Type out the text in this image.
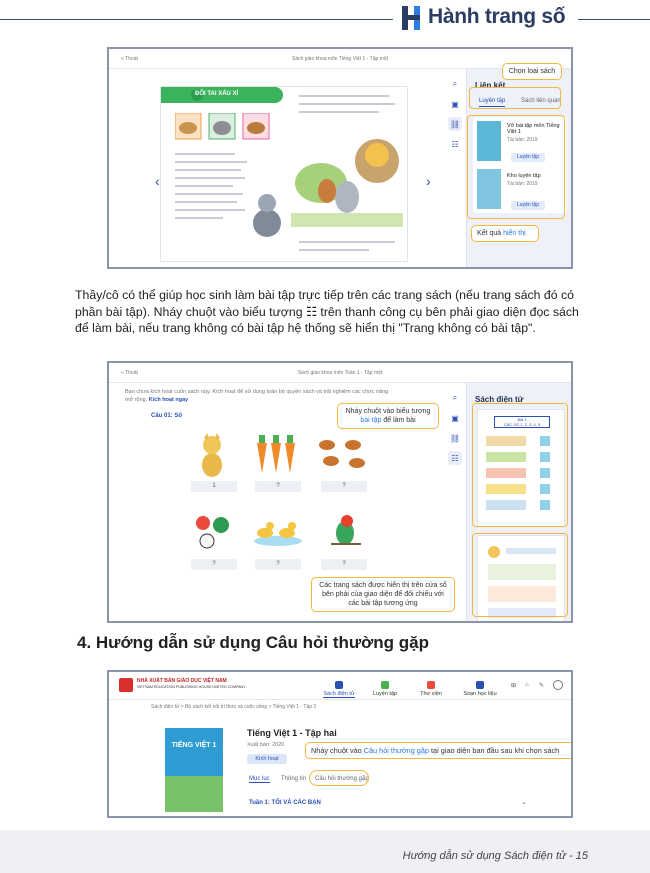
Hành trang số
« Thoát	Sách giáo khoa môn Tiếng Việt 1 - Tập một
‹	›
ĐÔI TAI XẤU XÍ
⌕
▣
⛓
☷
Liên kết
Luyện tập	Sách liên quan
Vở bài tập môn Tiếng Việt 1
Tái bản: 2019
Luyện tập
Kho luyện tập
Tái bản: 2019
Luyện tập
Chọn loại sách
Kết quả hiển thị
Thầy/cô có thể giúp học sinh làm bài tập trực tiếp trên các trang sách (nếu trang sách đó có phần bài tập). Nháy chuột vào biểu tượng ☷ trên thanh công cụ bên phải giao diện đọc sách để làm bài, nếu trang không có bài tập hệ thống sẽ hiển thị "Trang không có bài tập".
« Thoát	Sách giáo khoa môn Toán 1 - Tập một
Bạn chưa kích hoạt cuốn sách này. Kích hoạt để sử dụng toàn bộ quyền sách và trải nghiệm các chức năng mở rộng. Kích hoạt ngay
Câu 01: Số
1	?	?
?	?	?
⌕
▣
⛓
☷
Sách điện tử
Bài 1
CÁC SỐ 1, 2, 3, 4, 5
Nháy chuột vào biểu tượng bài tập để làm bài
Các trang sách được hiển thị trên cửa sổ bên phải của giao diện để đối chiếu với các bài tập tương ứng
4. Hướng dẫn sử dụng Câu hỏi thường gặp
NHÀ XUẤT BẢN GIÁO DỤC VIỆT NAM
VIETNAM EDUCATION PUBLISHING HOUSE LIMITED COMPANY
Sách điện tử	Luyện tập	Thư viện	Soạn học liệu
⊞ ⌂ ✎
Sách điện tử > Bộ sách kết nối tri thức và cuộc sống > Tiếng Việt 1 - Tập 2
TIẾNG VIỆT 1
Tiếng Việt 1 - Tập hai
Xuất bản: 2020
Kích hoạt
Mục lục Thông tin Câu hỏi thường gặp
Tuần 1: TÔI VÀ CÁC BẠN	⌄
Nháy chuột vào Câu hỏi thường gặp tại giao diện ban đầu sau khi chọn sách
Hướng dẫn sử dụng Sách điện tử - 15
